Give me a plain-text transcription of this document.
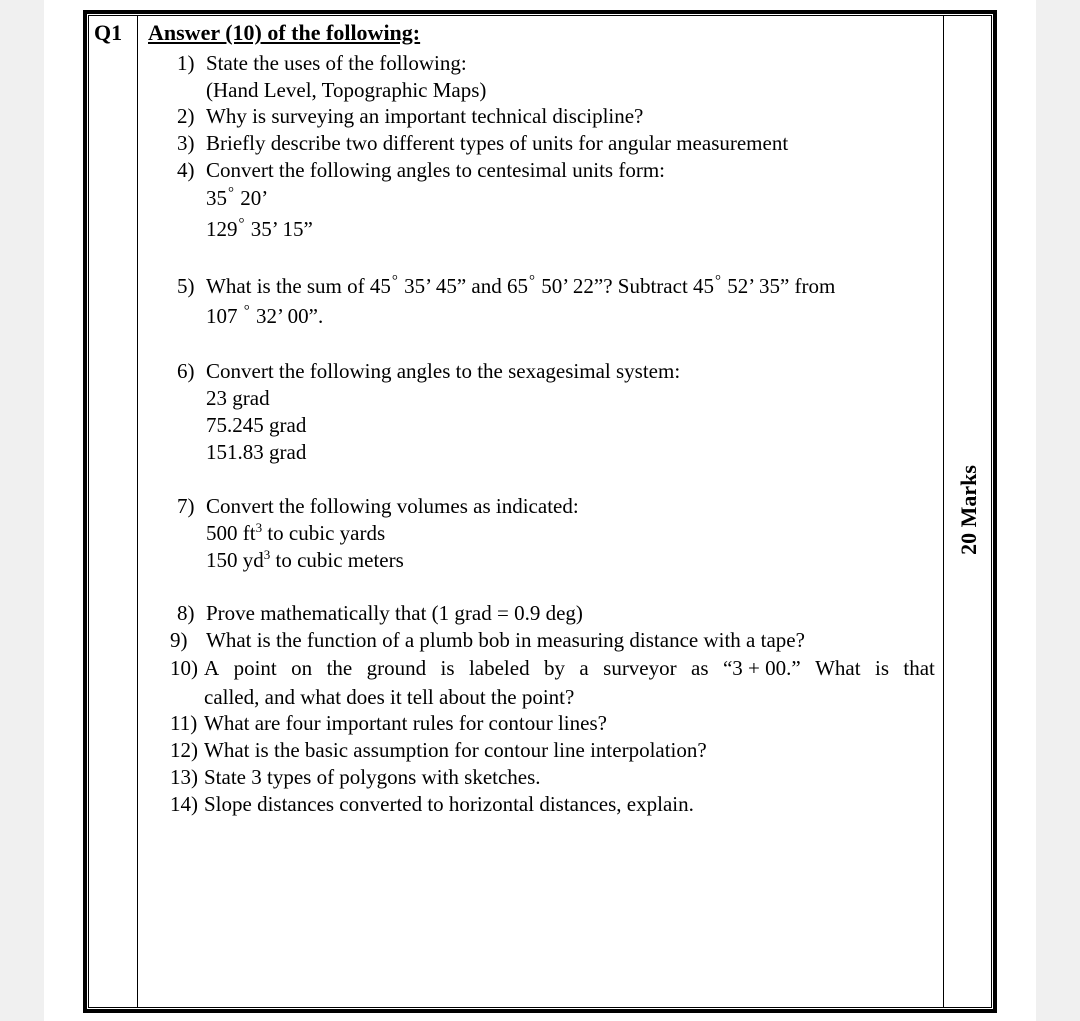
Q1 Answer (10) of the following:
20 Marks
1) State the uses of the following:
(Hand Level, Topographic Maps)
2) Why is surveying an important technical discipline?
3) Briefly describe two different types of units for angular measurement
4) Convert the following angles to centesimal units form:
35° 20’
129° 35’ 15”
5) What is the sum of 45° 35’ 45” and 65° 50’ 22”? Subtract 45° 52’ 35” from
107 ° 32’ 00”.
6) Convert the following angles to the sexagesimal system:
23 grad
75.245 grad
151.83 grad
7) Convert the following volumes as indicated:
500 $ft^3$ to cubic yards
150 $yd^3$ to cubic meters
8) Prove mathematically that (1 grad = 0.9 deg)
9) What is the function of a plumb bob in measuring distance with a tape?
10) A point on the ground is labeled by a surveyor as “3 + 00.” What is that
called, and what does it tell about the point?
11) What are four important rules for contour lines?
12) What is the basic assumption for contour line interpolation?
13) State 3 types of polygons with sketches.
14) Slope distances converted to horizontal distances, explain.
